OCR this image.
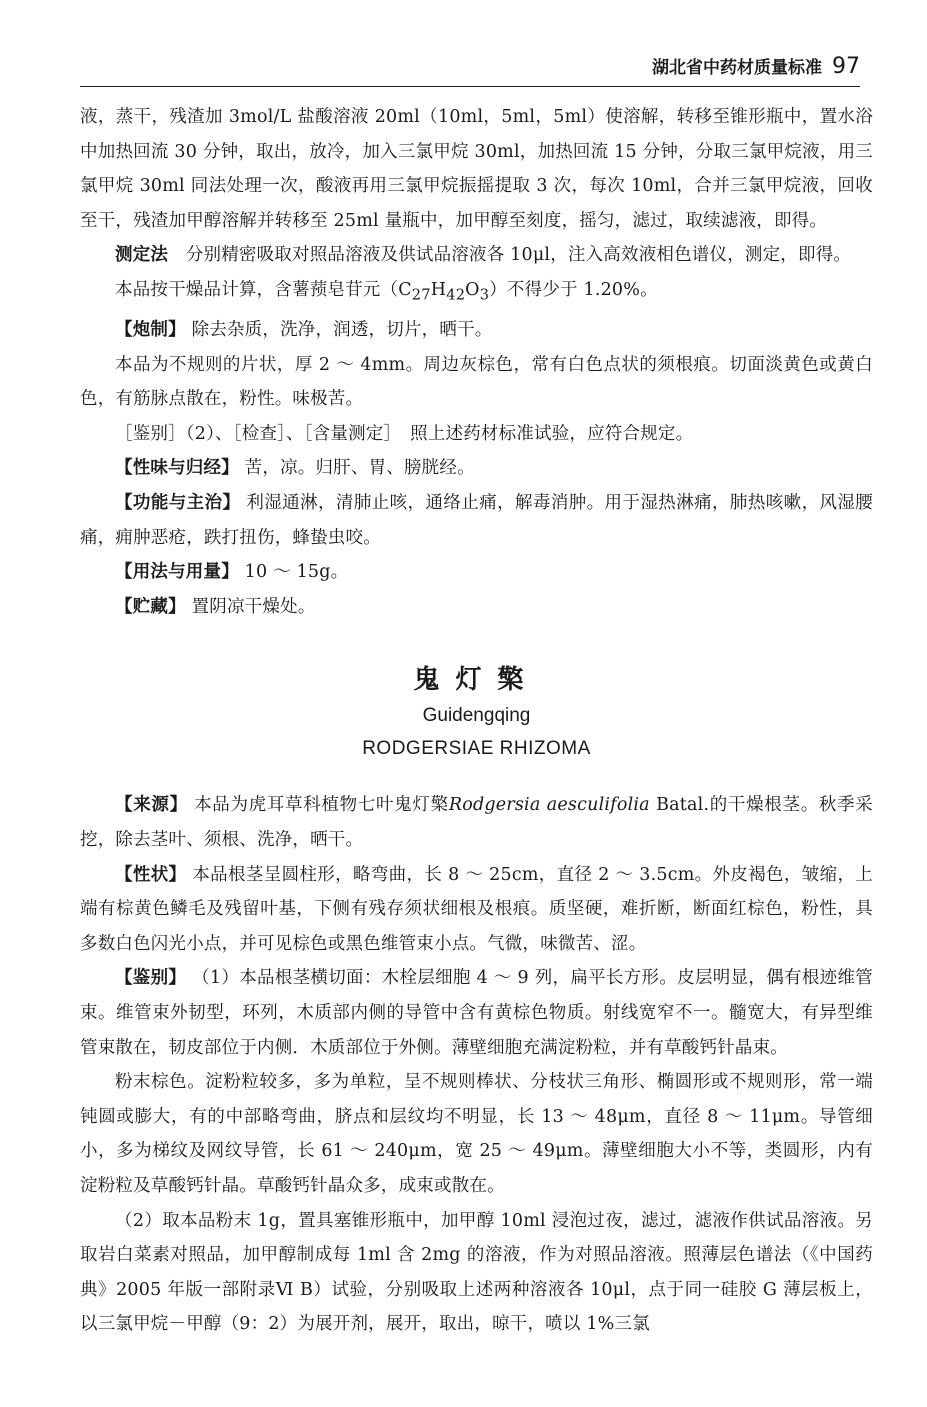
湖北省中药材质量标准 97

液，蒸干，残渣加 3mol/L 盐酸溶液 20ml（10ml，5ml，5ml）使溶解，转移至锥形瓶中，置水浴中加热回流 30 分钟，取出，放冷，加入三氯甲烷 30ml，加热回流 15 分钟，分取三氯甲烷液，用三氯甲烷 30ml 同法处理一次，酸液再用三氯甲烷振摇提取 3 次，每次 10ml，合并三氯甲烷液，回收至干，残渣加甲醇溶解并转移至 25ml 量瓶中，加甲醇至刻度，摇匀，滤过，取续滤液，即得。

测定法　 分别精密吸取对照品溶液及供试品溶液各 10μl，注入高效液相色谱仪，测定，即得。

本品按干燥品计算，含薯蓣皂苷元$(C_{27}H_{42}O_3)$不得少于 1.20%。

【炮制】 除去杂质，洗净，润透，切片，晒干。

本品为不规则的片状，厚 2 ～ 4mm。周边灰棕色，常有白色点状的须根痕。切面淡黄色或黄白色，有筋脉点散在，粉性。味极苦。

［鉴别］（2）、［检查］、［含量测定］　照上述药材标准试验，应符合规定。

【性味与归经】 苦，凉。归肝、胃、膀胱经。

【功能与主治】 利湿通淋，清肺止咳，通络止痛，解毒消肿。用于湿热淋痛，肺热咳嗽，风湿腰痛，痈肿恶疮，跌打扭伤，蜂蛰虫咬。

【用法与用量】 10 ～ 15g。

【贮藏】 置阴凉干燥处。

鬼灯檠
Guidengqing
RODGERSIAE RHIZOMA

【来源】 本品为虎耳草科植物七叶鬼灯檠Rodgersia aesculifolia Batal.的干燥根茎。秋季采挖，除去茎叶、须根、洗净，晒干。

【性状】 本品根茎呈圆柱形，略弯曲，长 8 ～ 25cm，直径 2 ～ 3.5cm。外皮褐色，皱缩，上端有棕黄色鳞毛及残留叶基，下侧有残存须状细根及根痕。质坚硬，难折断，断面红棕色，粉性，具多数白色闪光小点，并可见棕色或黑色维管束小点。气微，味微苦、涩。

【鉴别】 （1）本品根茎横切面：木栓层细胞 4 ～ 9 列，扁平长方形。皮层明显，偶有根迹维管束。维管束外韧型，环列，木质部内侧的导管中含有黄棕色物质。射线宽窄不一。髓宽大，有异型维管束散在，韧皮部位于内侧．木质部位于外侧。薄壁细胞充满淀粉粒，并有草酸钙针晶束。

粉末棕色。淀粉粒较多，多为单粒，呈不规则棒状、分枝状三角形、椭圆形或不规则形，常一端钝圆或膨大，有的中部略弯曲，脐点和层纹均不明显，长 13 ～ 48μm，直径 8 ～ 11μm。导管细小，多为梯纹及网纹导管，长 61 ～ 240μm，宽 25 ～ 49μm。薄壁细胞大小不等，类圆形，内有淀粉粒及草酸钙针晶。草酸钙针晶众多，成束或散在。

（2）取本品粉末 1g，置具塞锥形瓶中，加甲醇 10ml 浸泡过夜，滤过，滤液作供试品溶液。另取岩白菜素对照品，加甲醇制成每 1ml 含 2mg 的溶液，作为对照品溶液。照薄层色谱法（《中国药典》2005 年版一部附录Ⅵ B）试验，分别吸取上述两种溶液各 10μl，点于同一硅胶 G 薄层板上，以三氯甲烷－甲醇（9：2）为展开剂，展开，取出，晾干，喷以 1%三氯
